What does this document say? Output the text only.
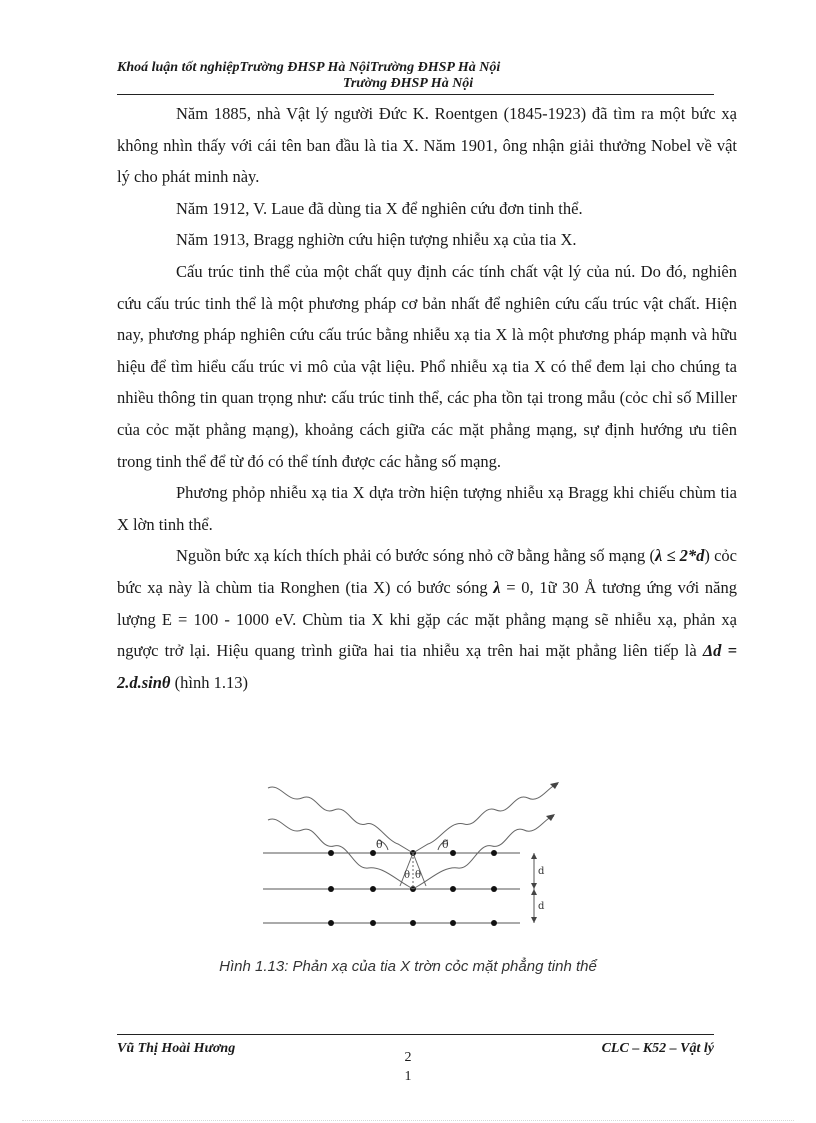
Khoá luận tốt nghiệpTrường ĐHSP Hà NộiTrường ĐHSP Hà Nội
Trường ĐHSP Hà Nội

Năm 1885, nhà Vật lý người Đức K. Roentgen (1845-1923) đã tìm ra một bức xạ không nhìn thấy với cái tên ban đầu là tia X. Năm 1901, ông nhận giải thưởng Nobel về vật lý cho phát minh này.

Năm 1912, V. Laue đã dùng tia X để nghiên cứu đơn tinh thể.

Năm 1913, Bragg nghiờn cứu hiện tượng nhiễu xạ của tia X.

Cấu trúc tinh thể của một chất quy định các tính chất vật lý của nú. Do đó, nghiên cứu cấu trúc tinh thể là một phương pháp cơ bản nhất để nghiên cứu cấu trúc vật chất. Hiện nay, phương pháp nghiên cứu cấu trúc bằng nhiễu xạ tia X là một phương pháp mạnh và hữu hiệu để tìm hiểu cấu trúc vi mô của vật liệu. Phổ nhiễu xạ tia X có thể đem lại cho chúng ta nhiều thông tin quan trọng như: cấu trúc tinh thể, các pha tồn tại trong mẫu (cỏc chỉ số Miller của cỏc mặt phẳng mạng), khoảng cách giữa các mặt phẳng mạng, sự định hướng ưu tiên trong tinh thể để từ đó có thể tính được các hằng số mạng.

Phương phỏp nhiễu xạ tia X dựa trờn hiện tượng nhiễu xạ Bragg khi chiếu chùm tia X lờn tinh thể.

Nguồn bức xạ kích thích phải có bước sóng nhỏ cỡ bằng hằng số mạng (λ ≤ 2*d) cỏc bức xạ này là chùm tia Ronghen (tia X) có bước sóng λ = 0, 1ữ 30 Å tương ứng với năng lượng E = 100 - 1000 eV. Chùm tia X khi gặp các mặt phẳng mạng sẽ nhiễu xạ, phản xạ ngược trở lại. Hiệu quang trình giữa hai tia nhiễu xạ trên hai mặt phẳng liên tiếp là Δd = 2.d.sinθ (hình 1.13)

θ	θ
θ θ	d
d
Hình 1.13: Phản xạ của tia X trờn cỏc mặt phẳng tinh thể
Vũ Thị Hoài Hương	CLC – K52 – Vật lý
2
1
